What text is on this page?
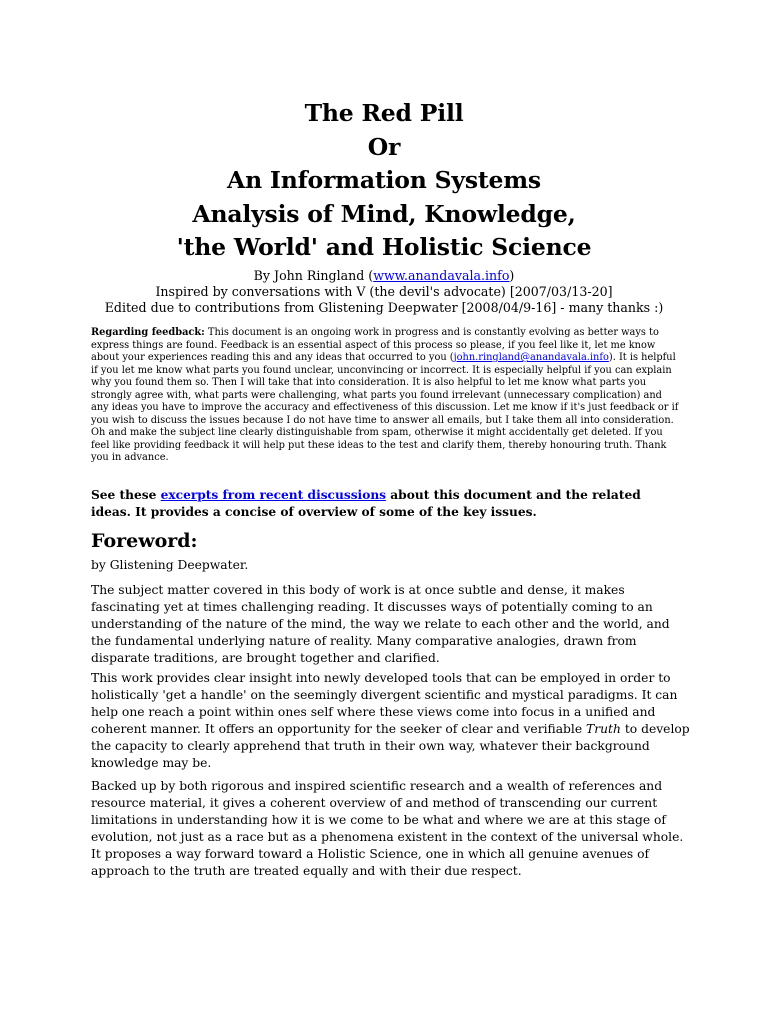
The Red Pill
Or
An Information Systems
Analysis of Mind, Knowledge,
'the World' and Holistic Science
By John Ringland (www.anandavala.info)
Inspired by conversations with V (the devil's advocate) [2007/03/13-20]
Edited due to contributions from Glistening Deepwater [2008/04/9-16] - many thanks :)

Regarding feedback: This document is an ongoing work in progress and is constantly evolving as better ways to express things are found. Feedback is an essential aspect of this process so please, if you feel like it, let me know about your experiences reading this and any ideas that occurred to you (john.ringland@anandavala.info). It is helpful if you let me know what parts you found unclear, unconvincing or incorrect. It is especially helpful if you can explain why you found them so. Then I will take that into consideration. It is also helpful to let me know what parts you strongly agree with, what parts were challenging, what parts you found irrelevant (unnecessary complication) and any ideas you have to improve the accuracy and effectiveness of this discussion. Let me know if it's just feedback or if you wish to discuss the issues because I do not have time to answer all emails, but I take them all into consideration. Oh and make the subject line clearly distinguishable from spam, otherwise it might accidentally get deleted. If you feel like providing feedback it will help put these ideas to the test and clarify them, thereby honouring truth. Thank you in advance.

See these excerpts from recent discussions about this document and the related ideas. It provides a concise of overview of some of the key issues.
Foreword:
by Glistening Deepwater.
The subject matter covered in this body of work is at once subtle and dense, it makes fascinating yet at times challenging reading. It discusses ways of potentially coming to an understanding of the nature of the mind, the way we relate to each other and the world, and the fundamental underlying nature of reality. Many comparative analogies, drawn from disparate traditions, are brought together and clarified.
This work provides clear insight into newly developed tools that can be employed in order to holistically 'get a handle' on the seemingly divergent scientific and mystical paradigms. It can help one reach a point within ones self where these views come into focus in a unified and coherent manner. It offers an opportunity for the seeker of clear and verifiable Truth to develop the capacity to clearly apprehend that truth in their own way, whatever their background knowledge may be.
Backed up by both rigorous and inspired scientific research and a wealth of references and resource material, it gives a coherent overview of and method of transcending our current limitations in understanding how it is we come to be what and where we are at this stage of evolution, not just as a race but as a phenomena existent in the context of the universal whole. It proposes a way forward toward a Holistic Science, one in which all genuine avenues of approach to the truth are treated equally and with their due respect.
